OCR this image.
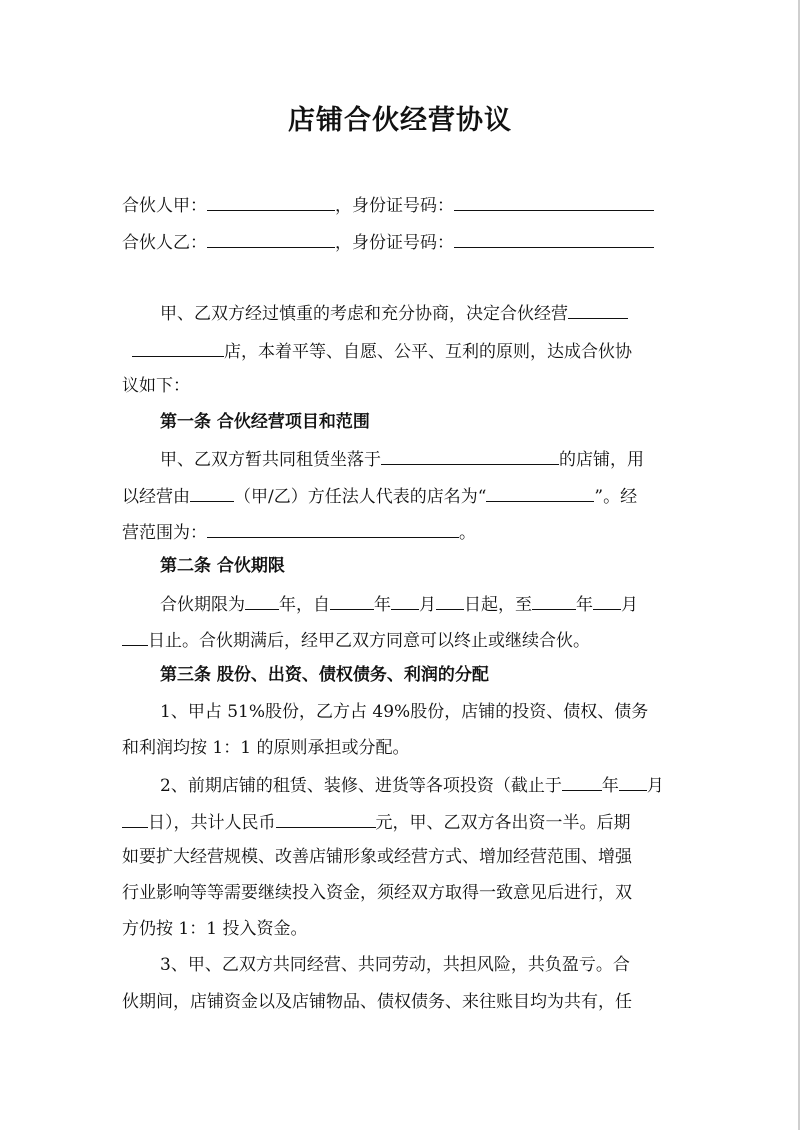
店铺合伙经营协议
合伙人甲：	，身份证号码：
合伙人乙：	，身份证号码：
甲、乙双方经过慎重的考虑和充分协商，决定合伙经营
店，本着平等、自愿、公平、互利的原则，达成合伙协
议如下：
第一条 合伙经营项目和范围
甲、乙双方暂共同租赁坐落于	的店铺，用
以经营由	（甲/乙）方任法人代表的店名为“	”。经
营范围为：	。
第二条 合伙期限
合伙期限为 年，自	年 月 日起，至	年 月
日止。合伙期满后，经甲乙双方同意可以终止或继续合伙。
第三条 股份、出资、债权债务、利润的分配
1、甲占 51%股份，乙方占 49%股份，店铺的投资、债权、债务
和利润均按 1：1 的原则承担或分配。
2、前期店铺的租赁、装修、进货等各项投资（截止于 年 月
日），共计人民币	元，甲、乙双方各出资一半。后期
如要扩大经营规模、改善店铺形象或经营方式、增加经营范围、增强
行业影响等等需要继续投入资金，须经双方取得一致意见后进行，双
方仍按 1：1 投入资金。
3、甲、乙双方共同经营、共同劳动，共担风险，共负盈亏。合
伙期间，店铺资金以及店铺物品、债权债务、来往账目均为共有，任
